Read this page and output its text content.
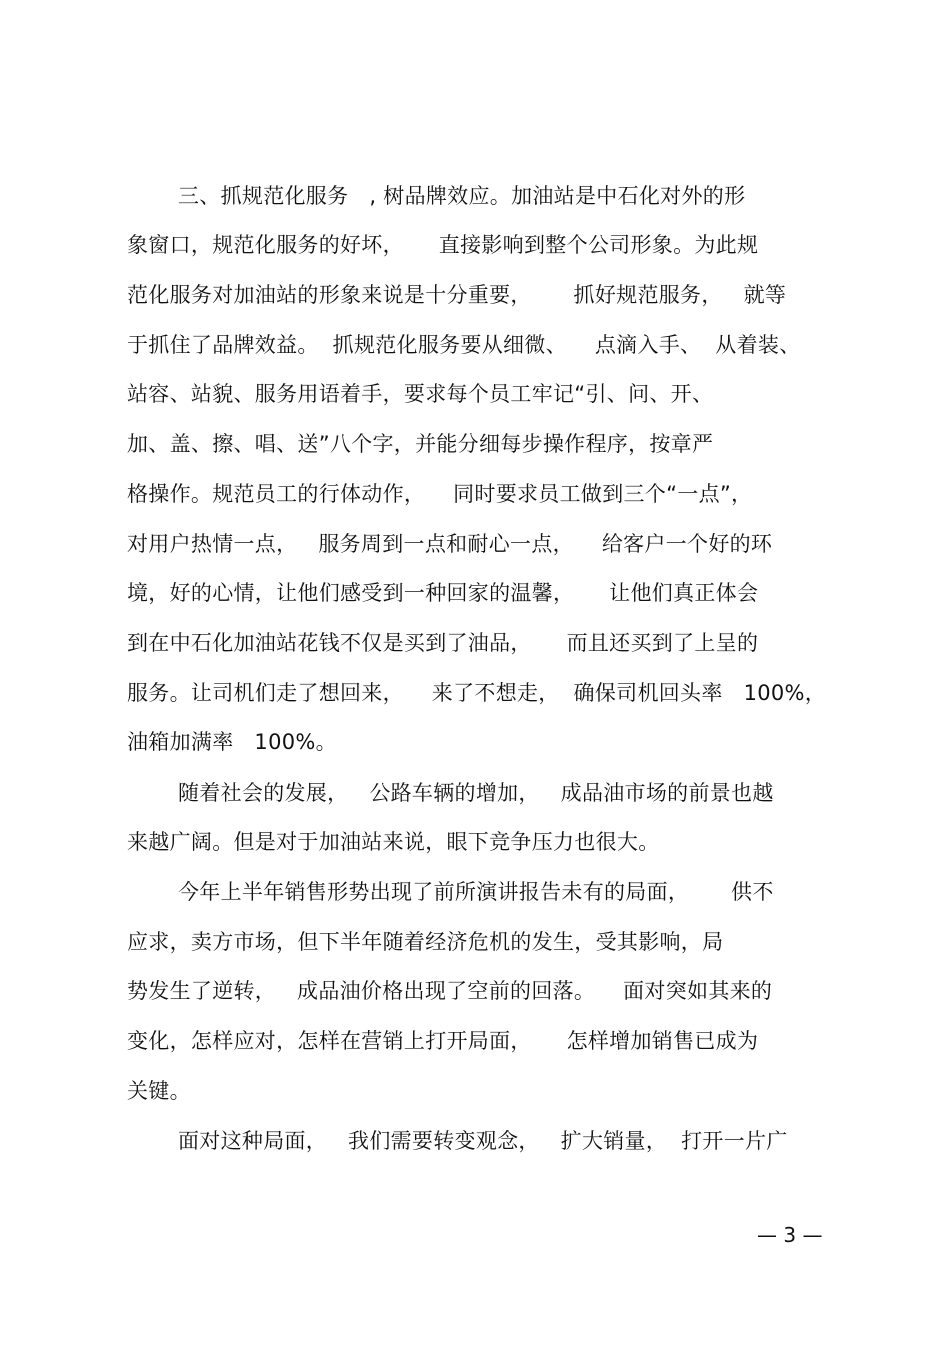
三、抓规范化服务   , 树品牌效应。加油站是中石化对外的形
象窗口，规范化服务的好坏，     直接影响到整个公司形象。为此规
范化服务对加油站的形象来说是十分重要，      抓好规范服务，   就等
于抓住了品牌效益。  抓规范化服务要从细微、    点滴入手、  从着装、
站容、站貌、服务用语着手，要求每个员工牢记“引、问、开、
加、盖、擦、唱、送”八个字，并能分细每步操作程序，按章严
格操作。规范员工的行体动作，    同时要求员工做到三个“一点”，
对用户热情一点，   服务周到一点和耐心一点，    给客户一个好的环
境，好的心情，让他们感受到一种回家的温馨，     让他们真正体会
到在中石化加油站花钱不仅是买到了油品，     而且还买到了上呈的
服务。让司机们走了想回来，    来了不想走，  确保司机回头率   100%，
油箱加满率   100%。
随着社会的发展，   公路车辆的增加，   成品油市场的前景也越
来越广阔。但是对于加油站来说，眼下竞争压力也很大。
今年上半年销售形势出现了前所演讲报告未有的局面，      供不
应求，卖方市场，但下半年随着经济危机的发生，受其影响，局
势发生了逆转，   成品油价格出现了空前的回落。    面对突如其来的
变化，怎样应对，怎样在营销上打开局面，     怎样增加销售已成为
关键。
面对这种局面，   我们需要转变观念，   扩大销量，  打开一片广
— 3 —
